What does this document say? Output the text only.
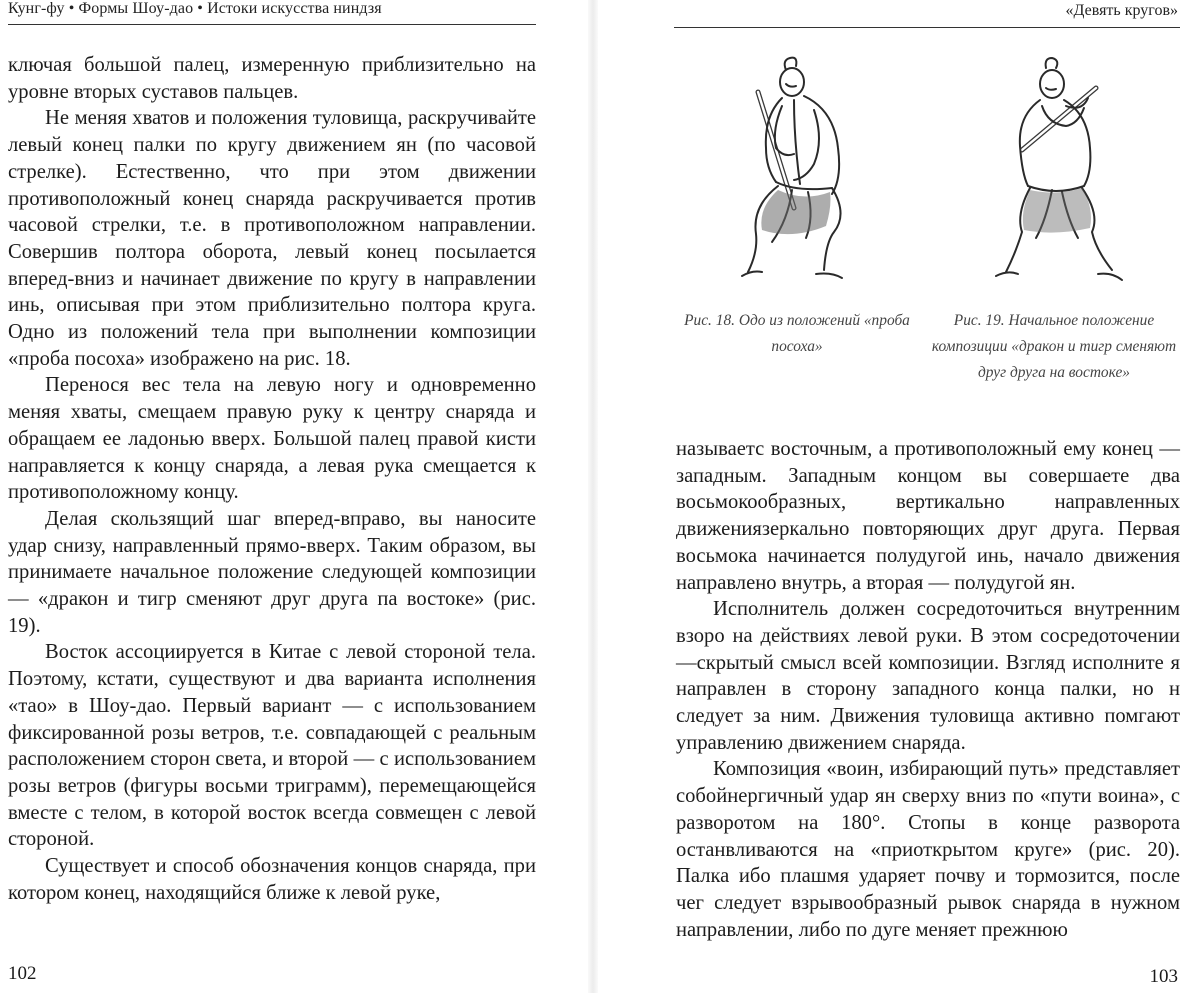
Кунг-фу • Формы Шоу-дао • Истоки искусства ниндзя

ключая большой палец, измеренную приблизительно на уровне вторых суставов пальцев.

Не меняя хватов и положения туловища, раскручивайте левый конец палки по кругу движением ян (по часовой стрелке). Естественно, что при этом движении противоположный конец снаряда раскручивается против часовой стрелки, т.е. в противоположном направлении. Совершив полтора оборота, левый конец посылается вперед-вниз и начинает движение по кругу в направлении инь, описывая при этом приблизительно полтора круга. Одно из положений тела при выполнении композиции «проба посоха» изображено на рис. 18.

Перенося вес тела на левую ногу и одновременно меняя хваты, смещаем правую руку к центру снаряда и обращаем ее ладонью вверх. Большой палец правой кисти направляется к концу снаряда, а левая рука смещается к противоположному концу.

Делая скользящий шаг вперед-вправо, вы наносите удар снизу, направленный прямо-вверх. Таким образом, вы принимаете начальное положение следующей композиции — «дракон и тигр сменяют друг друга па востоке» (рис. 19).

Восток ассоциируется в Китае с левой стороной тела. Поэтому, кстати, существуют и два варианта исполнения «тао» в Шоу-дао. Первый вариант — с использованием фиксированной розы ветров, т.е. совпадающей с реальным расположением сторон света, и второй — с использованием розы ветров (фигуры восьми триграмм), перемещающейся вместе с телом, в которой восток всегда совмещен с левой стороной.

Существует и способ обозначения концов снаряда, при котором конец, находящийся ближе к левой руке,

102
«Девять кругов»
Рис. 18. Одо из положений «проба посоха»
Рис. 19. Начальное положение композиции «дракон и тигр сменяют друг друга на востоке»

называетс восточным, а противоположный ему конец — западным. Западным концом вы совершаете два восьмокообразных, вертикально направленных движениязеркально повторяющих друг друга. Первая восьмока начинается полудугой инь, начало движения направлено внутрь, а вторая — полудугой ян.

Исполнитель должен сосредоточиться внутренним взоро на действиях левой руки. В этом сосредоточении —скрытый смысл всей композиции. Взгляд исполните я направлен в сторону западного конца палки, но н следует за ним. Движения туловища активно помгают управлению движением снаряда.

Композиция «воин, избирающий путь» представляет собойнергичный удар ян сверху вниз по «пути воина», с разворотом на 180°. Стопы в конце разворота останвливаются на «приоткрытом круге» (рис. 20). Палка ибо плашмя ударяет почву и тормозится, после чег следует взрывообразный рывок снаряда в нужном направлении, либо по дуге меняет прежнюю

103
